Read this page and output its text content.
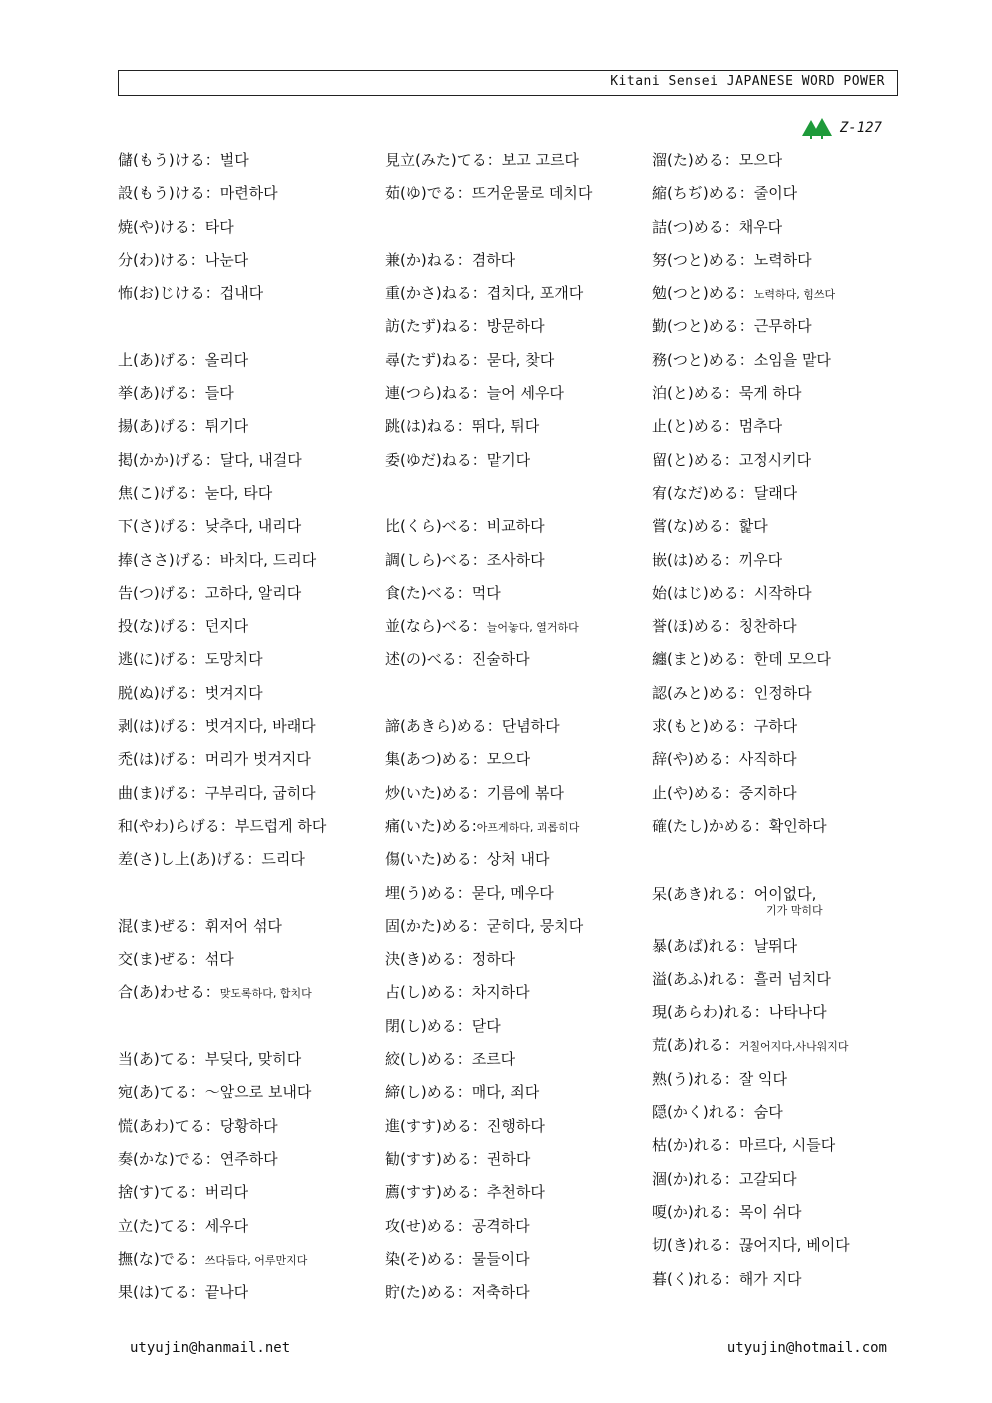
Kitani Sensei JAPANESE WORD POWER
Z-127
儲(もう)ける：벌다
設(もう)ける：마련하다
焼(や)ける：타다
分(わ)ける：나눈다
怖(お)じける：겁내다
上(あ)げる：올리다
挙(あ)げる：들다
揚(あ)げる：튀기다
掲(かか)げる：달다, 내걸다
焦(こ)げる：눋다, 타다
下(さ)げる：낮추다, 내리다
捧(ささ)げる：바치다, 드리다
告(つ)げる：고하다, 알리다
投(な)げる：던지다
逃(に)げる：도망치다
脱(ぬ)げる：벗겨지다
剥(は)げる：벗겨지다, 바래다
禿(は)げる：머리가 벗겨지다
曲(ま)げる：구부리다, 굽히다
和(やわ)らげる：부드럽게 하다
差(さ)し上(あ)げる：드리다
混(ま)ぜる：휘저어 섞다
交(ま)ぜる：섞다
合(あ)わせる：맞도록하다, 합치다
当(あ)てる：부딪다, 맞히다
宛(あ)てる：～앞으로 보내다
慌(あわ)てる：당황하다
奏(かな)でる：연주하다
捨(す)てる：버리다
立(た)てる：세우다
撫(な)でる：쓰다듬다, 어루만지다
果(は)てる：끝나다
見立(みた)てる：보고 고르다
茹(ゆ)でる：뜨거운물로 데치다
兼(か)ねる：겸하다
重(かさ)ねる：겹치다, 포개다
訪(たず)ねる：방문하다
尋(たず)ねる：묻다, 찾다
連(つら)ねる：늘어 세우다
跳(は)ねる：뛰다, 튀다
委(ゆだ)ねる：맡기다
比(くら)べる：비교하다
調(しら)べる：조사하다
食(た)べる：먹다
並(なら)べる：늘어놓다, 열거하다
述(の)べる：진술하다
諦(あきら)める：단념하다
集(あつ)める：모으다
炒(いた)める：기름에 볶다
痛(いた)める:아프게하다, 괴롭히다
傷(いた)める：상처 내다
埋(う)める：묻다, 메우다
固(かた)める：굳히다, 뭉치다
決(き)める：정하다
占(し)める：차지하다
閉(し)める：닫다
絞(し)める：조르다
締(し)める：매다, 죄다
進(すす)める：진행하다
勧(すす)める：권하다
薦(すす)める：추천하다
攻(せ)める：공격하다
染(そ)める：물들이다
貯(た)める：저축하다
溜(た)める：모으다
縮(ちぢ)める：줄이다
詰(つ)める：채우다
努(つと)める：노력하다
勉(つと)める：노력하다, 힘쓰다
勤(つと)める：근무하다
務(つと)める：소임을 맡다
泊(と)める：묵게 하다
止(と)める：멈추다
留(と)める：고정시키다
宥(なだ)める：달래다
嘗(な)める：핥다
嵌(は)める：끼우다
始(はじ)める：시작하다
誉(ほ)める：칭찬하다
纏(まと)める：한데 모으다
認(みと)める：인정하다
求(もと)める：구하다
辞(や)める：사직하다
止(や)める：중지하다
確(たし)かめる：확인하다
呆(あき)れる：어이없다,
기가 막히다
暴(あば)れる：날뛰다
溢(あふ)れる：흘러 넘치다
現(あらわ)れる：나타나다
荒(あ)れる：거칠어지다,사나워지다
熟(う)れる：잘 익다
隠(かく)れる：숨다
枯(か)れる：마르다, 시들다
涸(か)れる：고갈되다
嗄(か)れる：목이 쉬다
切(き)れる：끊어지다, 베이다
暮(く)れる：해가 지다
utyujin@hanmail.net	utyujin@hotmail.com
